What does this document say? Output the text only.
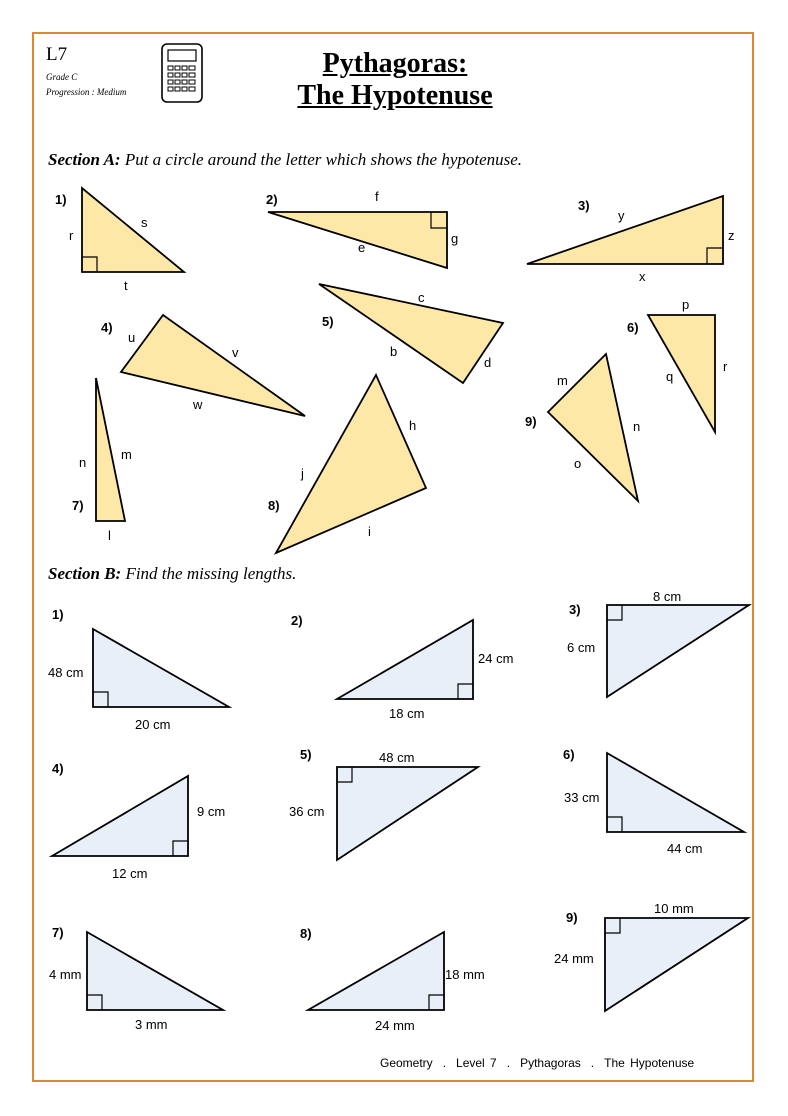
L7
Grade C
Progression : Medium
Pythagoras:
The Hypotenuse
Section A: Put a circle around the letter which shows the hypotenuse.
Section B: Find the missing lengths.
1)	2)	3)
4)	5)	6)
7)	8)
9)
r
s
t
f
g
e
y
z
x
u
v
w
c
b
d
p
q
r
n
m
l
h
j
i
m
n
o
1)	2)
3)
4)
5)	6)
7)	8)
9)
48 cm
20 cm
24 cm
18 cm
8 cm
6 cm
9 cm
12 cm
48 cm
36 cm
33 cm
44 cm
4 mm
3 mm
18 mm
24 mm
10 mm
24 mm
Geometry . Level 7 . Pythagoras . The Hypotenuse
